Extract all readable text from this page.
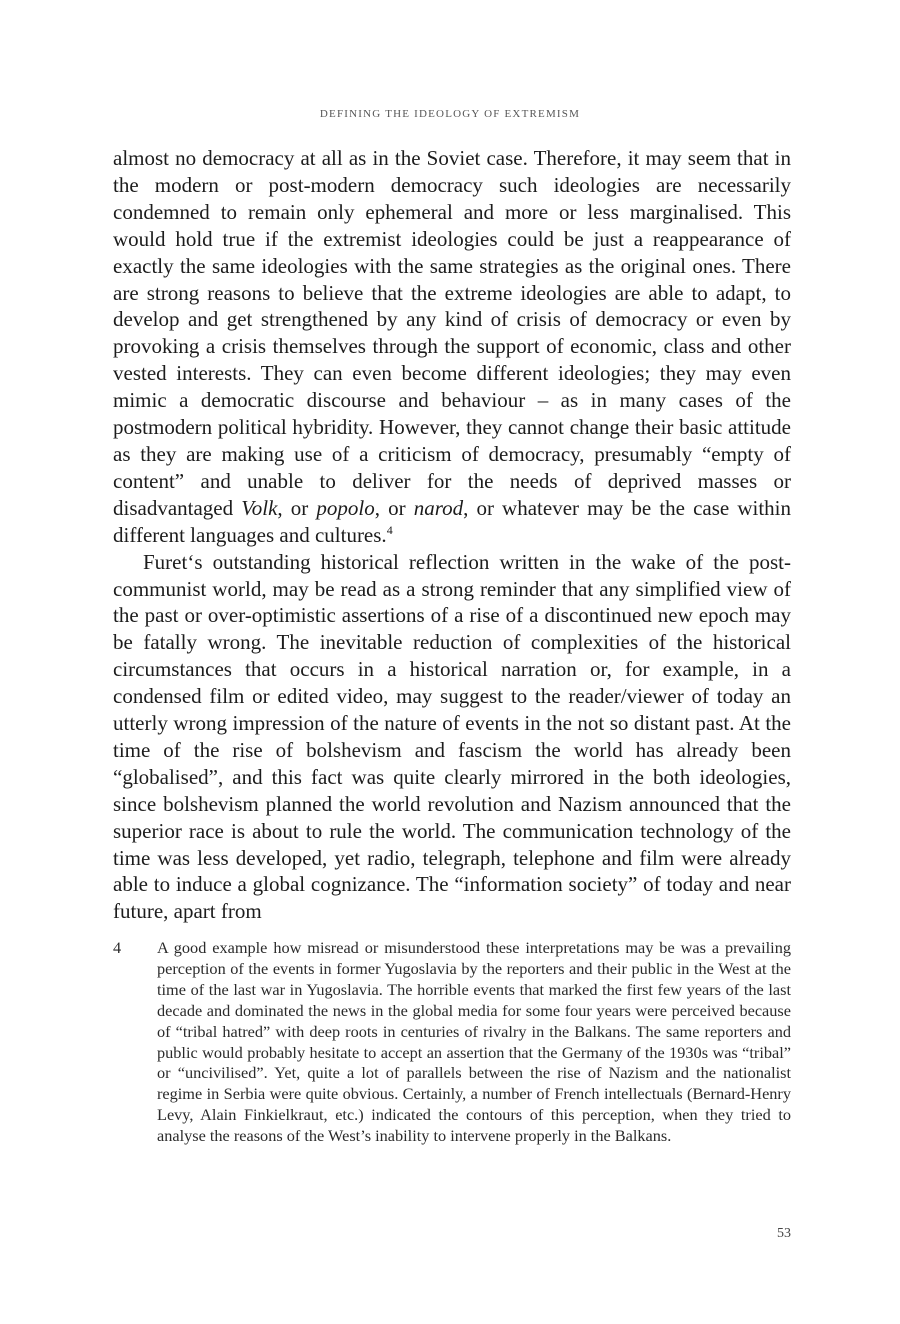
DEFINING THE IDEOLOGY OF EXTREMISM

almost no democracy at all as in the Soviet case. Therefore, it may seem that in the modern or post-modern democracy such ideologies are necessarily condemned to remain only ephemeral and more or less marginalised. This would hold true if the extremist ideologies could be just a reappearance of exactly the same ideologies with the same strategies as the original ones. There are strong reasons to believe that the extreme ideologies are able to adapt, to develop and get strengthened by any kind of crisis of democracy or even by provoking a crisis themselves through the support of economic, class and other vested interests. They can even become different ideologies; they may even mimic a democratic discourse and behaviour – as in many cases of the postmodern political hybridity. However, they cannot change their basic attitude as they are making use of a criticism of democracy, presumably “empty of content” and unable to deliver for the needs of deprived masses or disadvantaged Volk, or popolo, or narod, or whatever may be the case within different languages and cultures.$^4$

Furet‘s outstanding historical reflection written in the wake of the post-communist world, may be read as a strong reminder that any simplified view of the past or over-optimistic assertions of a rise of a discontinued new epoch may be fatally wrong. The inevitable reduction of complexities of the historical circumstances that occurs in a historical narration or, for example, in a condensed film or edited video, may suggest to the reader/viewer of today an utterly wrong impression of the nature of events in the not so distant past. At the time of the rise of bolshevism and fascism the world has already been “globalised”, and this fact was quite clearly mirrored in the both ideologies, since bolshevism planned the world revolution and Nazism announced that the superior race is about to rule the world. The communication technology of the time was less developed, yet radio, telegraph, telephone and film were already able to induce a global cognizance. The “information society” of today and near future, apart from

4 A good example how misread or misunderstood these interpretations may be was a prevailing perception of the events in former Yugoslavia by the reporters and their public in the West at the time of the last war in Yugoslavia. The horrible events that marked the first few years of the last decade and dominated the news in the global media for some four years were perceived because of “tribal hatred” with deep roots in centuries of rivalry in the Balkans. The same reporters and public would probably hesitate to accept an assertion that the Germany of the 1930s was “tribal” or “uncivilised”. Yet, quite a lot of parallels between the rise of Nazism and the nationalist regime in Serbia were quite obvious. Certainly, a number of French intellectuals (Bernard-Henry Levy, Alain Finkielkraut, etc.) indicated the contours of this perception, when they tried to analyse the reasons of the West’s inability to intervene properly in the Balkans.
53
